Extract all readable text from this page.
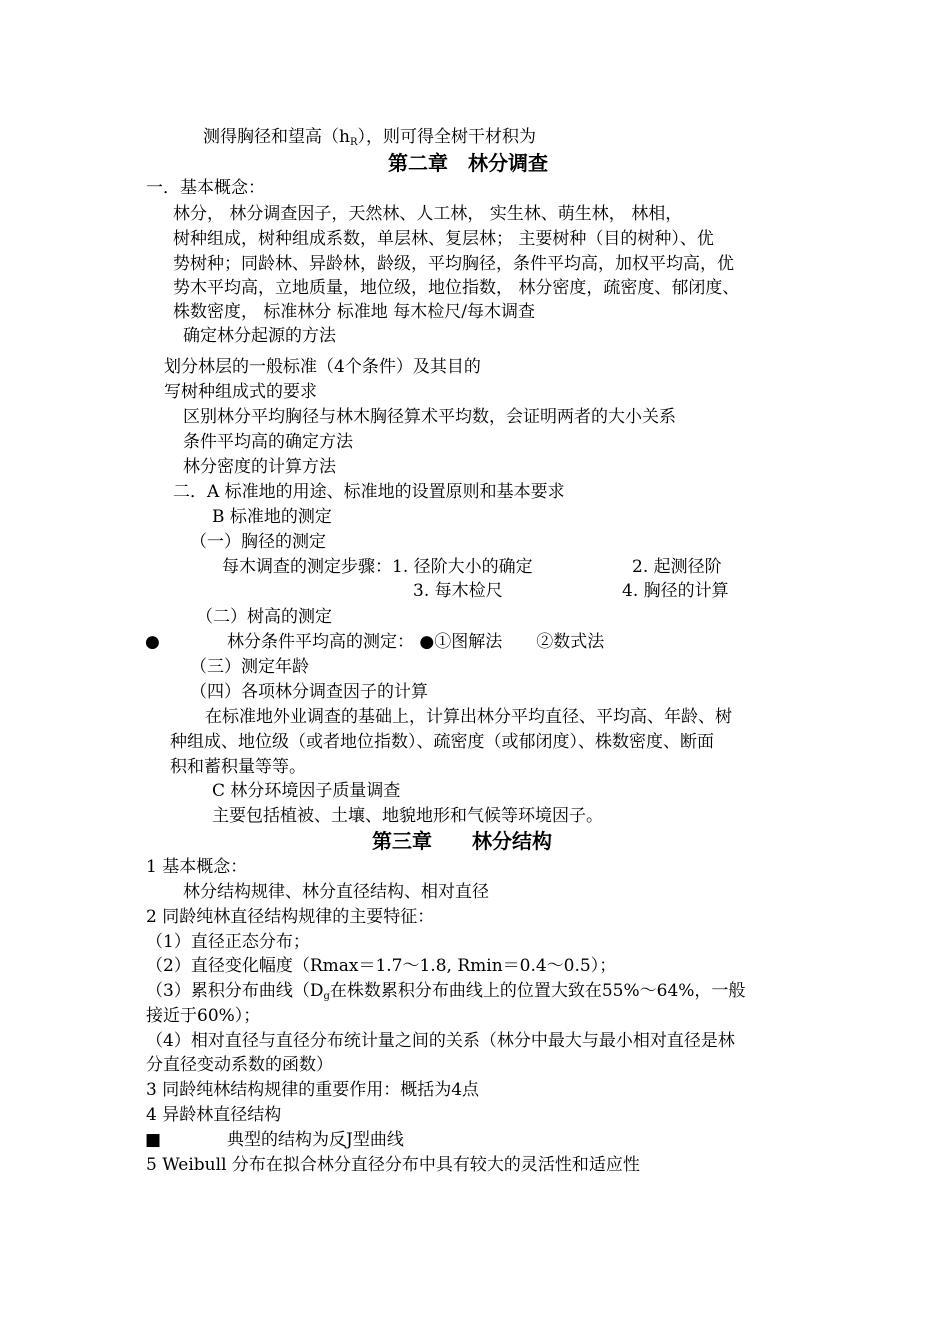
测得胸径和望高$(h_R)$，则可得全树干材积为
第二章　林分调查
一．基本概念：
林分， 林分调查因子，天然林、人工林， 实生林、萌生林， 林相，
树种组成，树种组成系数，单层林、复层林； 主要树种（目的树种）、优
势树种；同龄林、异龄林，龄级，平均胸径，条件平均高，加权平均高，优
势木平均高，立地质量，地位级，地位指数， 林分密度，疏密度、郁闭度、
株数密度， 标准林分 标准地 每木检尺/每木调查
确定林分起源的方法
划分林层的一般标准（4个条件）及其目的
写树种组成式的要求
区别林分平均胸径与林木胸径算术平均数，会证明两者的大小关系
条件平均高的确定方法
林分密度的计算方法
二．A 标准地的用途、标准地的设置原则和基本要求
B 标准地的测定
（一）胸径的测定
每木调查的测定步骤：1. 径阶大小的确定	2. 起测径阶
3. 每木检尺	4. 胸径的计算
（二）树高的测定
●	林分条件平均高的测定： ●①图解法　　②数式法
（三）测定年龄
（四）各项林分调查因子的计算
在标准地外业调查的基础上，计算出林分平均直径、平均高、年龄、树
种组成、地位级（或者地位指数）、疏密度（或郁闭度）、株数密度、断面
积和蓄积量等等。
C 林分环境因子质量调查
主要包括植被、土壤、地貌地形和气候等环境因子。
第三章　　林分结构
1 基本概念：
林分结构规律、林分直径结构、相对直径
2 同龄纯林直径结构规律的主要特征：
（1）直径正态分布；
（2）直径变化幅度（Rmax＝1.7～1.8, Rmin＝0.4～0.5）；
（3）累积分布曲线（$D_g$在株数累积分布曲线上的位置大致在55%～64%，一般
接近于60%）；
（4）相对直径与直径分布统计量之间的关系（林分中最大与最小相对直径是林
分直径变动系数的函数）
3 同龄纯林结构规律的重要作用：概括为4点
4 异龄林直径结构
■	典型的结构为反J型曲线
5 Weibull 分布在拟合林分直径分布中具有较大的灵活性和适应性
